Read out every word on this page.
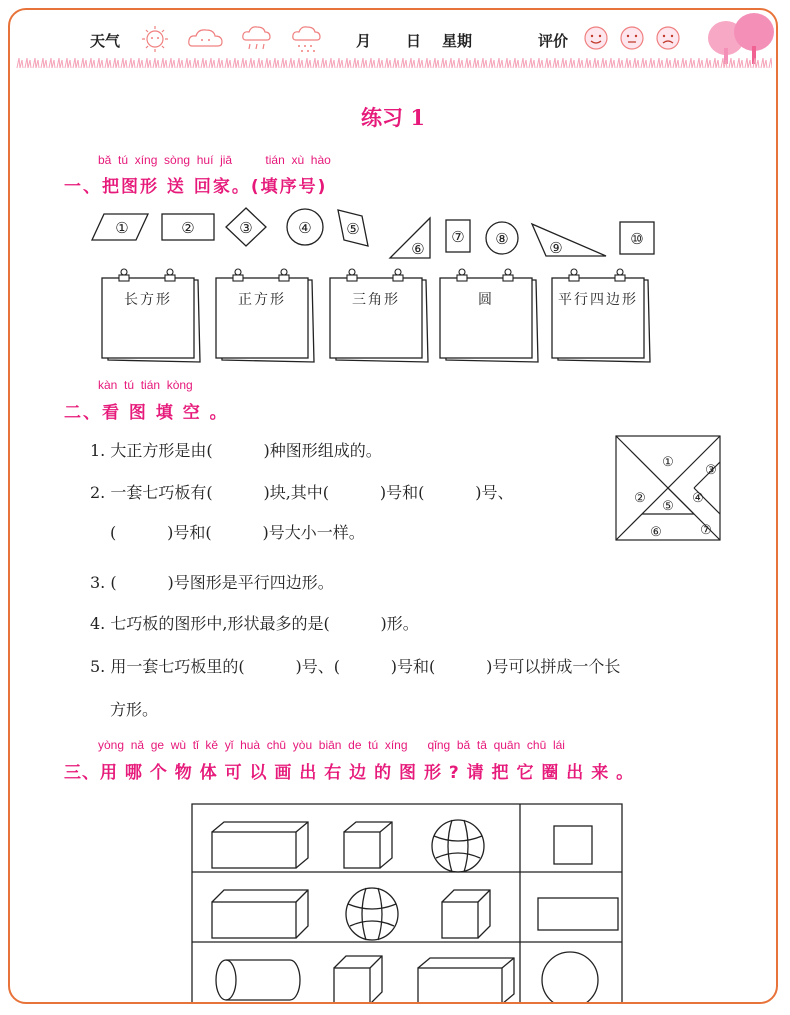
天气	月 日 星期	评价
练习 1
bǎ  tú  xíng  sòng  huí  jiā          tián  xù  hào
一、把图形 送 回家。(填序号)
①	②	③	④ ⑤
⑥
⑦ ⑧	⑨	⑩
长方形	正方形	三角形	圆	平行四边形
kàn  tú  tián  kòng
二、看 图 填 空 。
1. 大正方形是由(          )种图形组成的。
2. 一套七巧板有(          )块,其中(          )号和(          )号、
(          )号和(          )号大小一样。
3. (          )号图形是平行四边形。
4. 七巧板的图形中,形状最多的是(          )形。
5. 用一套七巧板里的(          )号、(          )号和(          )号可以拼成一个长
方形。
①
②
③
④
⑤
⑥	⑦
yòng  nǎ  ge  wù  tǐ  kě  yǐ  huà  chū  yòu  biān  de  tú  xíng      qǐng  bǎ  tā  quān  chū  lái
三、用 哪 个 物 体 可 以 画 出 右 边 的 图 形 ? 请 把 它 圈 出 来 。
